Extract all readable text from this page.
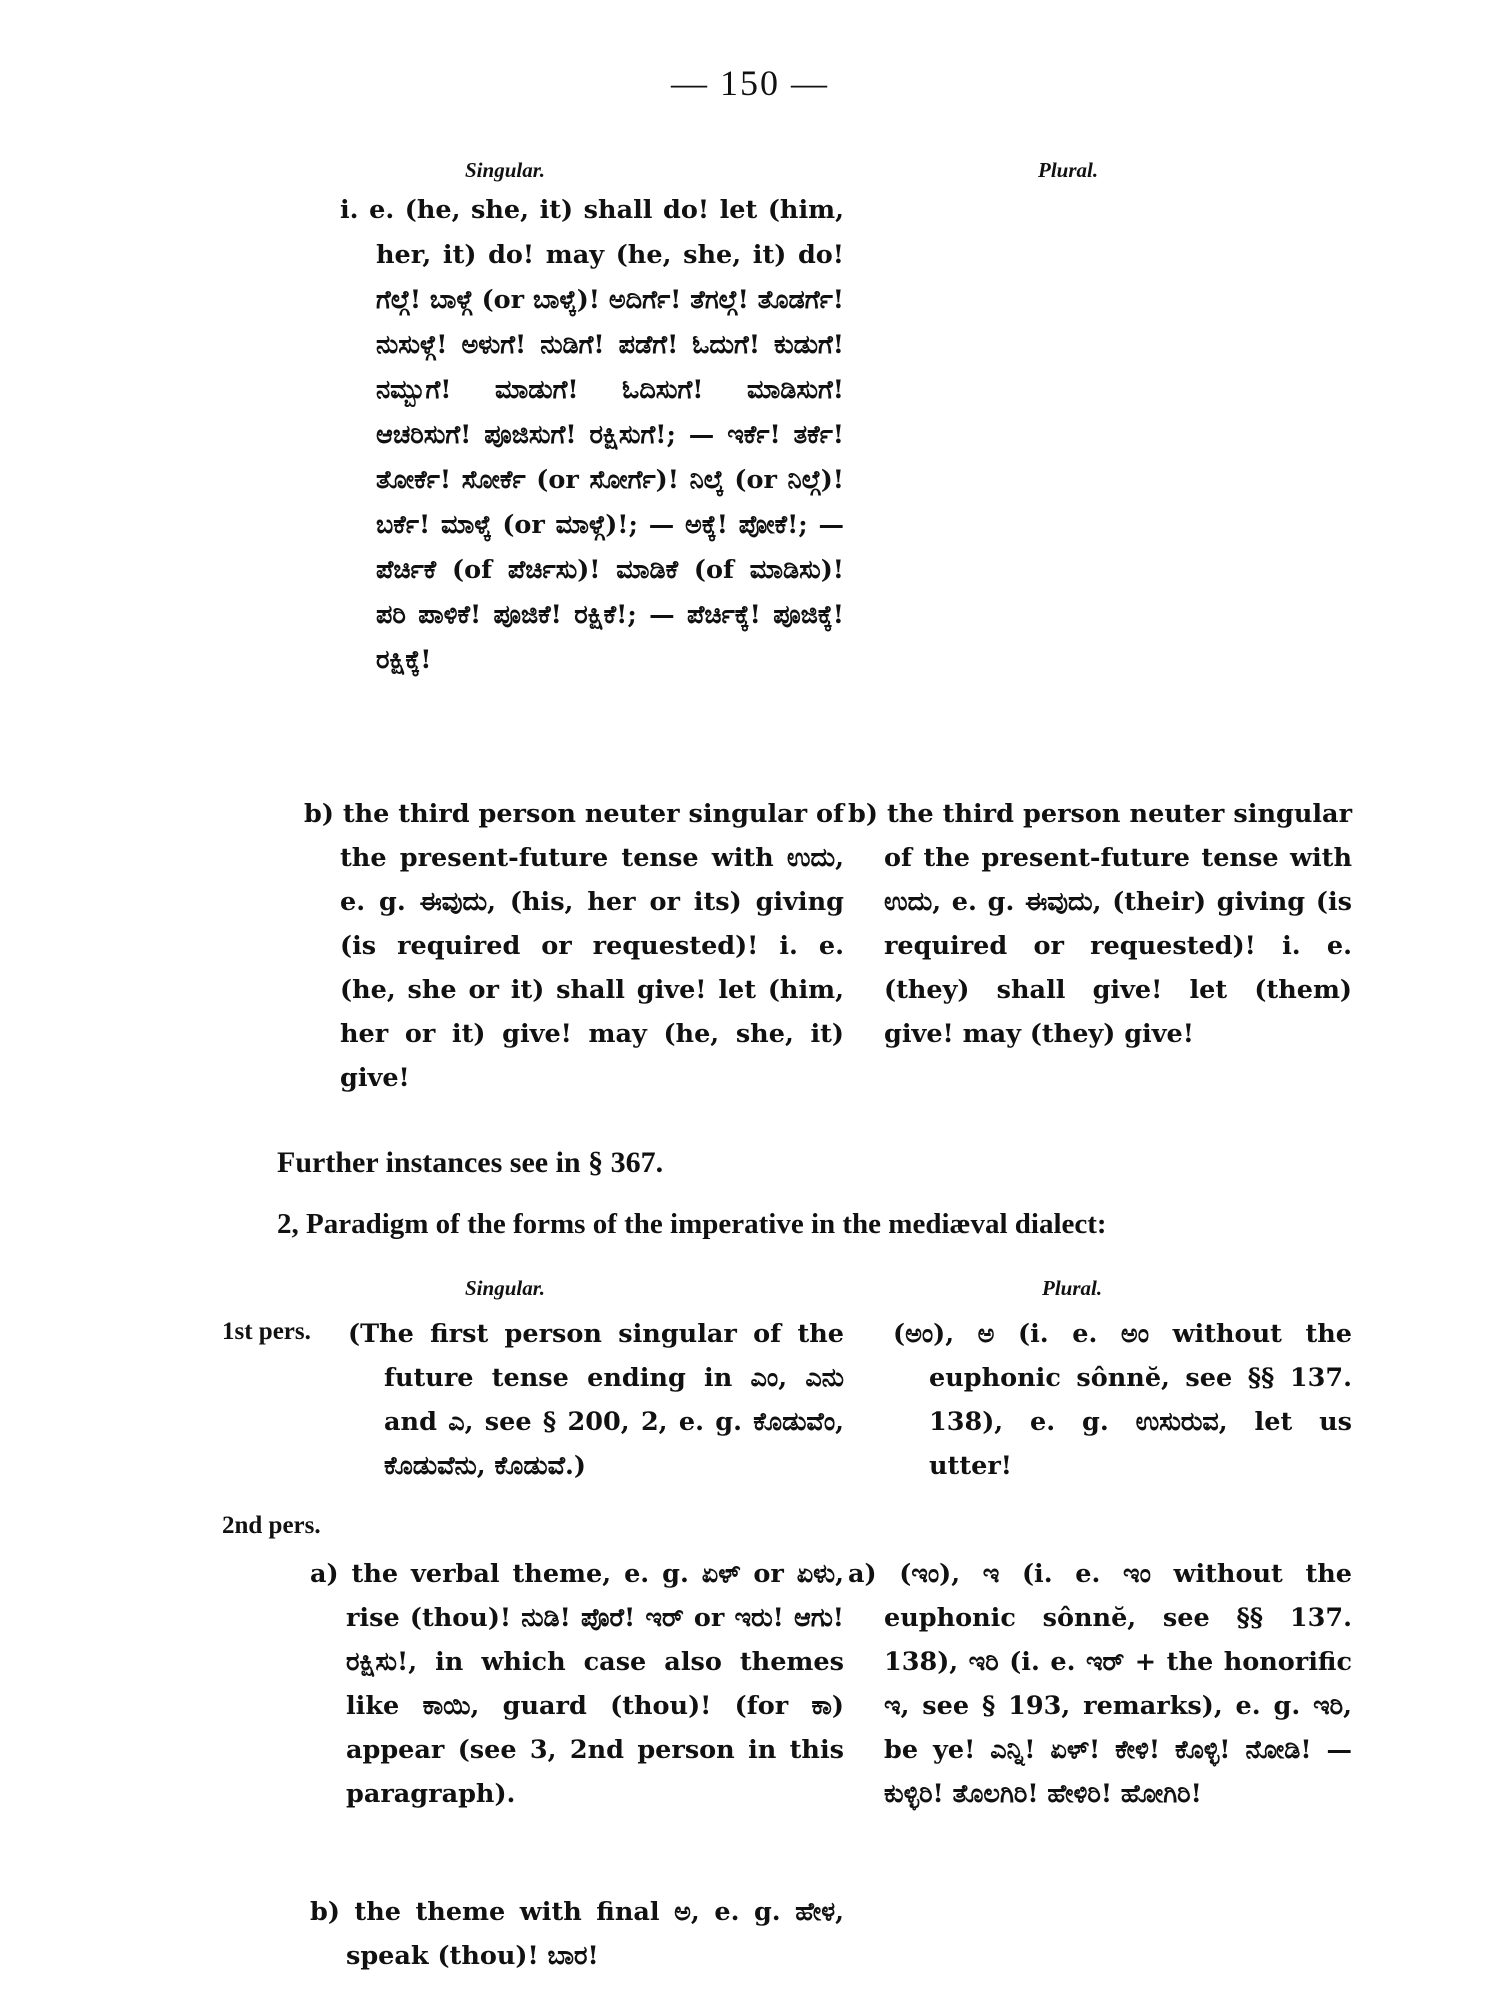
— 150 —
Singular.	Plural.
i. e. (he, she, it) shall do! let (him, her, it) do! may (he, she, it) do! ಗೆಲ್ಗೆ! ಬಾಳ್ಗೆ (or ಬಾಳ್ಕೆ)! ಅದಿರ್ಗೆ! ತೆಗಲ್ಗೆ! ತೊಡರ್ಗೆ! ನುಸುಳ್ಗೆ! ಅಳುಗೆ! ನುಡಿಗೆ! ಪಡೆಗೆ! ಓದುಗೆ! ಕುಡುಗೆ! ನಮ್ಬುಗೆ! ಮಾಡುಗೆ! ಓದಿಸುಗೆ! ಮಾಡಿಸುಗೆ! ಆಚರಿಸುಗೆ! ಪೂಜಿಸುಗೆ! ರಕ್ಷಿಸುಗೆ!; — ಇರ್ಕೆ! ತರ್ಕೆ! ತೋರ್ಕೆ! ಸೋರ್ಕೆ (or ಸೋರ್ಗೆ)! ನಿಲ್ಕೆ (or ನಿಲ್ಗೆ)! ಬರ್ಕೆ! ಮಾಳ್ಕೆ (or ಮಾಳ್ಗೆ)!; — ಅಕ್ಕೆ! ಪೋಕೆ!; — ಪೆರ್ಚಿಕೆ (of ಪೆರ್ಚಿಸು)! ಮಾಡಿಕೆ (of ಮಾಡಿಸು)! ಪರಿ ಪಾಳಿಕೆ! ಪೂಜಿಕೆ! ರಕ್ಷಿಕೆ!; — ಪೆರ್ಚಿಕ್ಕೆ! ಪೂಜಿಕ್ಕೆ! ರಕ್ಷಿಕ್ಕೆ!
b) the third person neuter singular of the present-future tense with ಉದು, e. g. ಈವುದು, (his, her or its) giving (is required or requested)! i. e. (he, she or it) shall give! let (him, her or it) give! may (he, she, it) give!
b) the third person neuter singular of the present-future tense with ಉದು, e. g. ಈವುದು, (their) giving (is required or requested)! i. e. (they) shall give! let (them) give! may (they) give!
Further instances see in § 367.
2, Paradigm of the forms of the imperative in the mediæval dialect:
Singular.	Plural.
1st pers. (The first person singular of the future tense ending in ಎಂ, ಎನು and ಎ, see § 200, 2, e. g. ಕೊಡುವೆಂ, ಕೊಡುವೆನು, ಕೊಡುವೆ.)
(ಅಂ), ಅ (i. e. ಅಂ without the euphonic sônnĕ, see §§ 137. 138), e. g. ಉಸುರುವ, let us utter!
2nd pers.
a) the verbal theme, e. g. ಏಳ್ or ಏಳು, rise (thou)! ನುಡಿ! ಪೊರೆ! ಇರ್ or ಇರು! ಆಗು! ರಕ್ಷಿಸು!, in which case also themes like ಕಾಯಿ, guard (thou)! (for ಕಾ) appear (see 3, 2nd person in this paragraph).
a) (ಇಂ), ಇ (i. e. ಇಂ without the euphonic sônnĕ, see §§ 137. 138), ಇರಿ (i. e. ಇರ್ + the honorific ಇ, see § 193, remarks), e. g. ಇರಿ, be ye! ಎನ್ನಿ! ಏಳ್! ಕೇಳಿ! ಕೊಳ್ಳಿ! ನೋಡಿ! — ಕುಳ್ಳಿರಿ! ತೊಲಗಿರಿ! ಹೇಳಿರಿ! ಹೋಗಿರಿ!
b) the theme with final ಅ, e. g. ಹೇಳ, speak (thou)! ಬಾರ!
